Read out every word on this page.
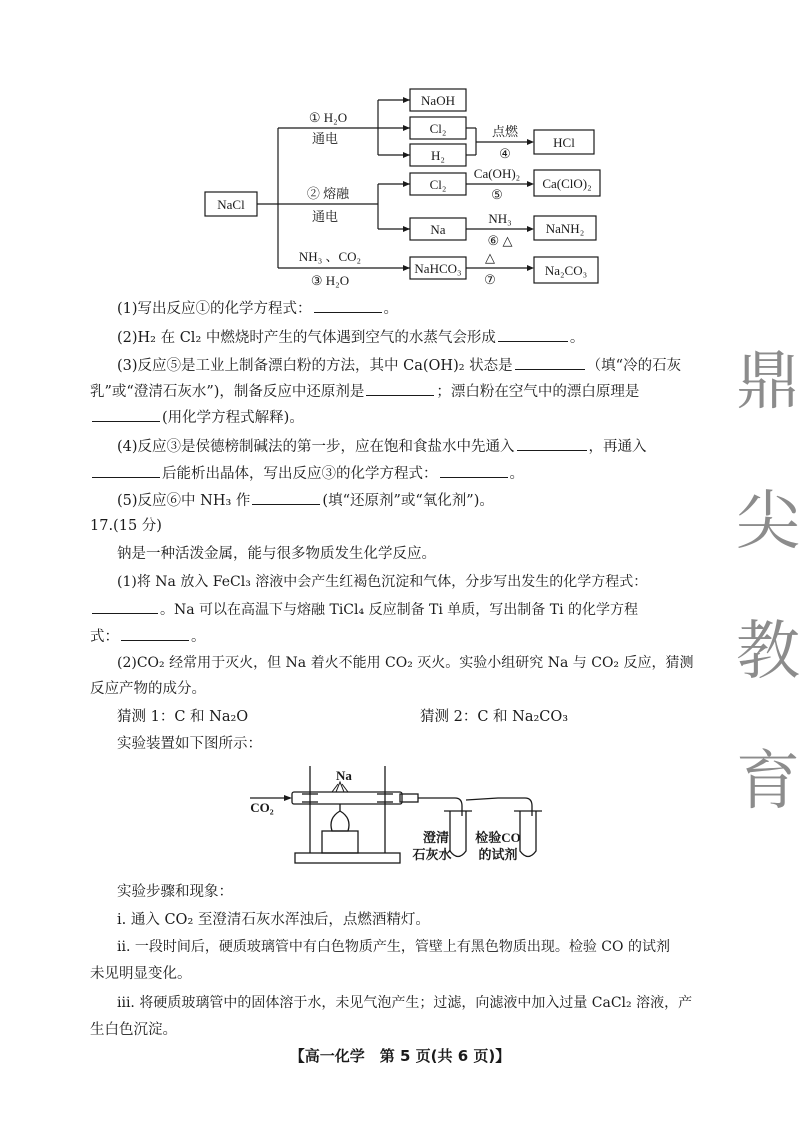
NaCl
① H₂O
通电
② 熔融
通电
NH₃ 、CO₂
③ H₂O
NaOH
Cl₂
H₂
点燃
④
HCl
Cl₂
Ca(OH)₂
⑤
Ca(ClO)₂
Na
NH₃
⑥ △
NaNH₂
NaHCO₃
△
⑦
Na₂CO₃
(1)写出反应①的化学方程式：	。
(2)H₂ 在 Cl₂ 中燃烧时产生的气体遇到空气的水蒸气会形成	。
(3)反应⑤是工业上制备漂白粉的方法，其中 Ca(OH)₂ 状态是	（填“冷的石灰
乳”或“澄清石灰水”)，制备反应中还原剂是	；漂白粉在空气中的漂白原理是
(用化学方程式解释)。
(4)反应③是侯德榜制碱法的第一步，应在饱和食盐水中先通入	，再通入
后能析出晶体，写出反应③的化学方程式：	。
(5)反应⑥中 NH₃ 作	(填“还原剂”或“氧化剂”)。
17.(15 分)
钠是一种活泼金属，能与很多物质发生化学反应。
(1)将 Na 放入 FeCl₃ 溶液中会产生红褐色沉淀和气体，分步写出发生的化学方程式：
。Na 可以在高温下与熔融 TiCl₄ 反应制备 Ti 单质，写出制备 Ti 的化学方程
式：	。
(2)CO₂ 经常用于灭火，但 Na 着火不能用 CO₂ 灭火。实验小组研究 Na 与 CO₂ 反应，猜测
反应产物的成分。
猜测 1：C 和 Na₂O	猜测 2：C 和 Na₂CO₃
实验装置如下图所示：
Na
CO₂
澄清
石灰水
检验CO
的试剂
实验步骤和现象：
i. 通入 CO₂ 至澄清石灰水浑浊后，点燃酒精灯。
ii. 一段时间后，硬质玻璃管中有白色物质产生，管壁上有黑色物质出现。检验 CO 的试剂
未见明显变化。
iii. 将硬质玻璃管中的固体溶于水，未见气泡产生；过滤，向滤液中加入过量 CaCl₂ 溶液，产
生白色沉淀。
鼎
尖
教
育
【高一化学　第 5 页(共 6 页)】
